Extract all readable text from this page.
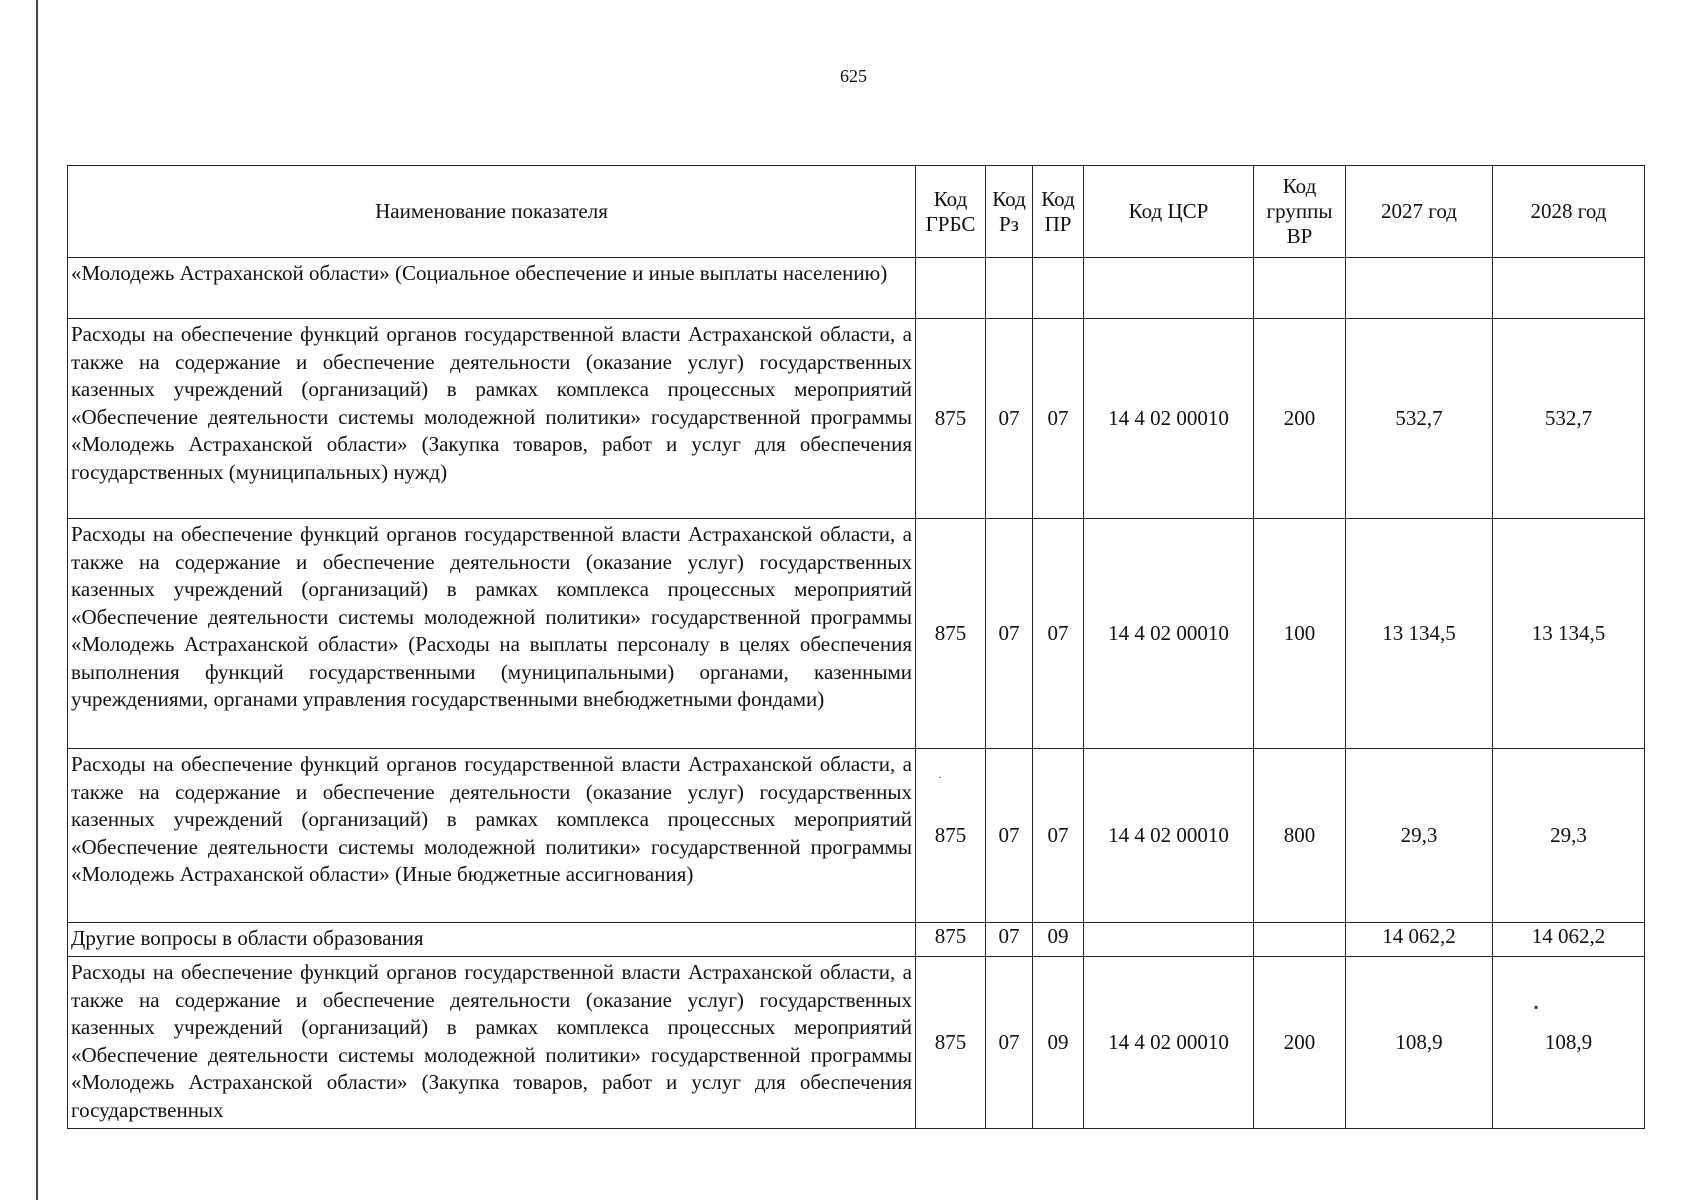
625
Наименование показателя	Код ГРБС	Код Рз	Код ПР	Код ЦСР	Код группы ВР	2027 год	2028 год
«Молодежь Астраханской области» (Социальное обеспечение и иные выплаты населению)							
Расходы на обеспечение функций органов государственной власти Астраханской области, а также на содержание и обеспечение деятельности (оказание услуг) государственных казенных учреждений (организаций) в рамках комплекса процессных мероприятий «Обеспечение деятельности системы молодежной политики» государственной программы «Молодежь Астраханской области» (Закупка товаров, работ и услуг для обеспечения государственных (муниципальных) нужд)	875	07	07	14 4 02 00010	200	532,7	532,7
Расходы на обеспечение функций органов государственной власти Астраханской области, а также на содержание и обеспечение деятельности (оказание услуг) государственных казенных учреждений (организаций) в рамках комплекса процессных мероприятий «Обеспечение деятельности системы молодежной политики» государственной программы «Молодежь Астраханской области» (Расходы на выплаты персоналу в целях обеспечения выполнения функций государственными (муниципальными) органами, казенными учреждениями, органами управления государственными внебюджетными фондами)	875	07	07	14 4 02 00010	100	13 134,5	13 134,5
Расходы на обеспечение функций органов государственной власти Астраханской области, а также на содержание и обеспечение деятельности (оказание услуг) государственных казенных учреждений (организаций) в рамках комплекса процессных мероприятий «Обеспечение деятельности системы молодежной политики» государственной программы «Молодежь Астраханской области» (Иные бюджетные ассигнования)	875	07	07	14 4 02 00010	800	29,3	29,3
Другие вопросы в области образования	875	07	09			14 062,2	14 062,2
Расходы на обеспечение функций органов государственной власти Астраханской области, а также на содержание и обеспечение деятельности (оказание услуг) государственных казенных учреждений (организаций) в рамках комплекса процессных мероприятий «Обеспечение деятельности системы молодежной политики» государственной программы «Молодежь Астраханской области» (Закупка товаров, работ и услуг для обеспечения государственных	875	07	09	14 4 02 00010	200	108,9	108,9
·
▪
